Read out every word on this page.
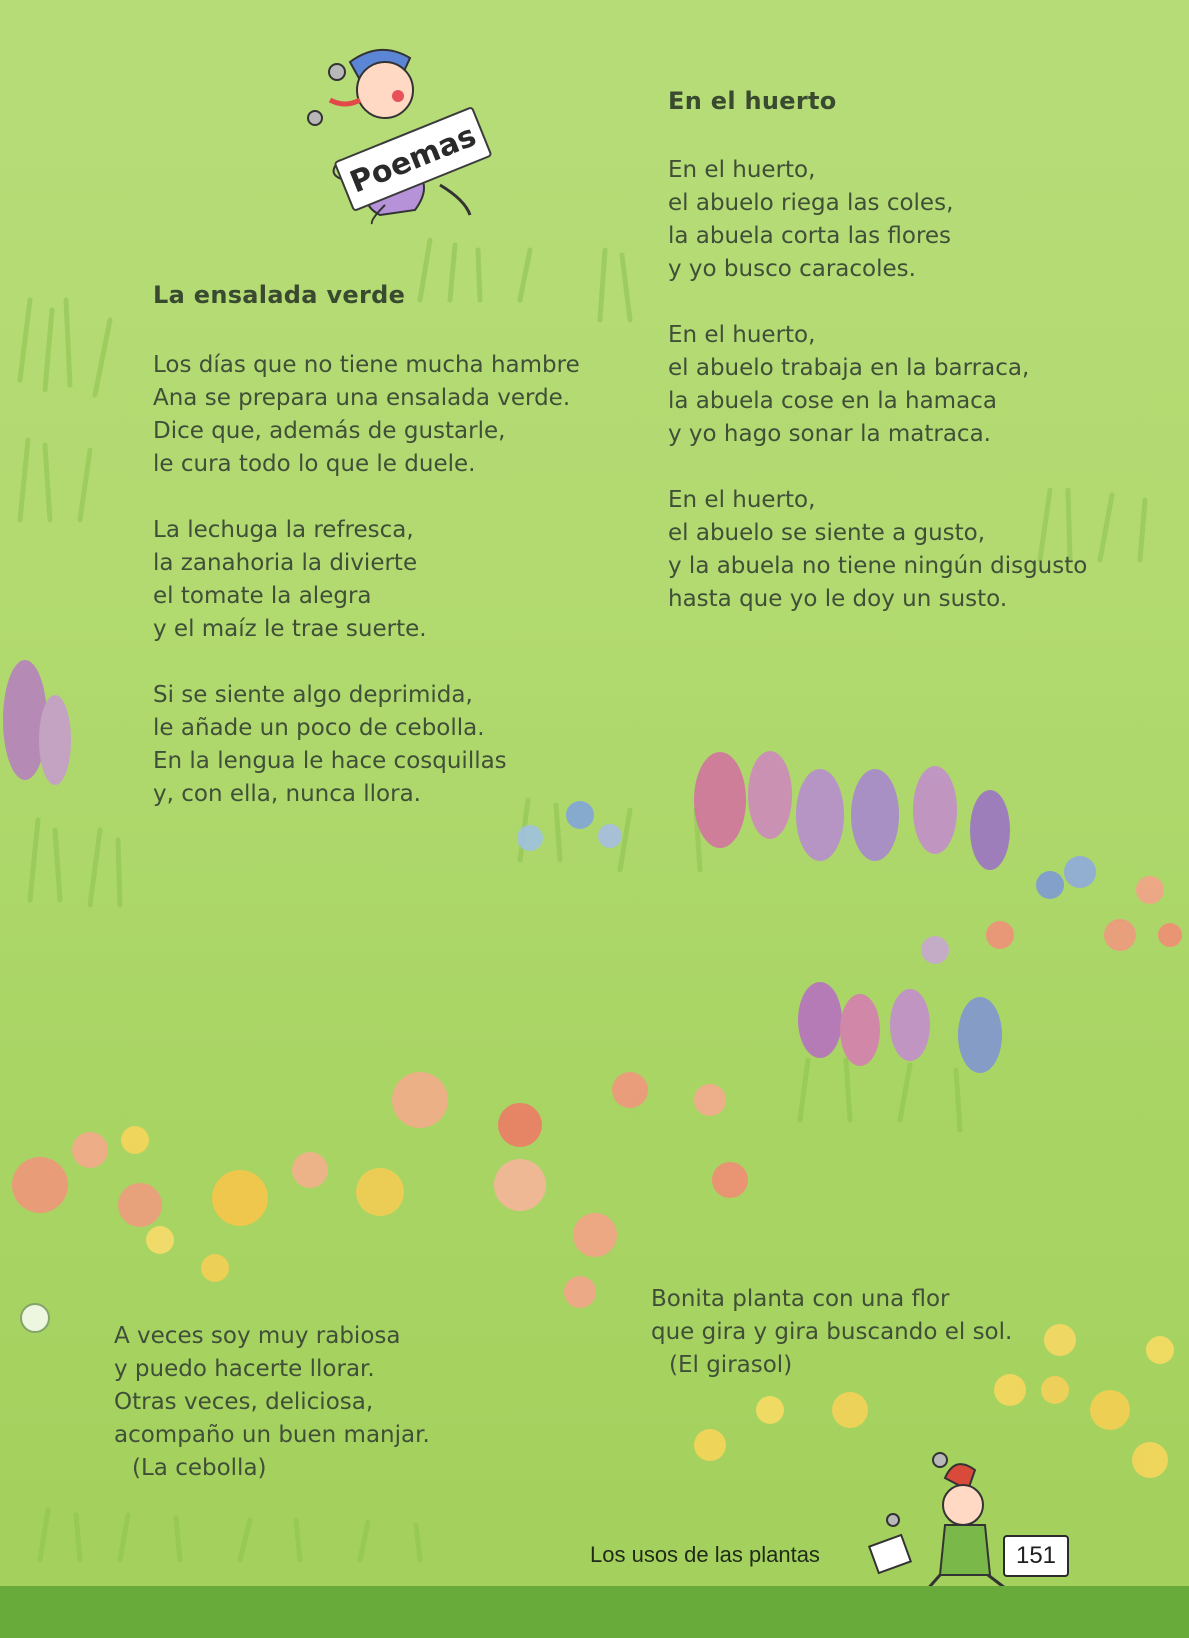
Poemas
La ensalada verde
Los días que no tiene mucha hambre
Ana se prepara una ensalada verde.
Dice que, además de gustarle,
le cura todo lo que le duele.
La lechuga la refresca,
la zanahoria la divierte
el tomate la alegra
y el maíz le trae suerte.
Si se siente algo deprimida,
le añade un poco de cebolla.
En la lengua le hace cosquillas
y, con ella, nunca llora.
En el huerto
En el huerto,
el abuelo riega las coles,
la abuela corta las flores
y yo busco caracoles.
En el huerto,
el abuelo trabaja en la barraca,
la abuela cose en la hamaca
y yo hago sonar la matraca.
En el huerto,
el abuelo se siente a gusto,
y la abuela no tiene ningún disgusto
hasta que yo le doy un susto.
A veces soy muy rabiosa
y puedo hacerte llorar.
Otras veces, deliciosa,
acompaño un buen manjar.
(La cebolla)
Bonita planta con una flor
que gira y gira buscando el sol.
(El girasol)
Los usos de las plantas	151
